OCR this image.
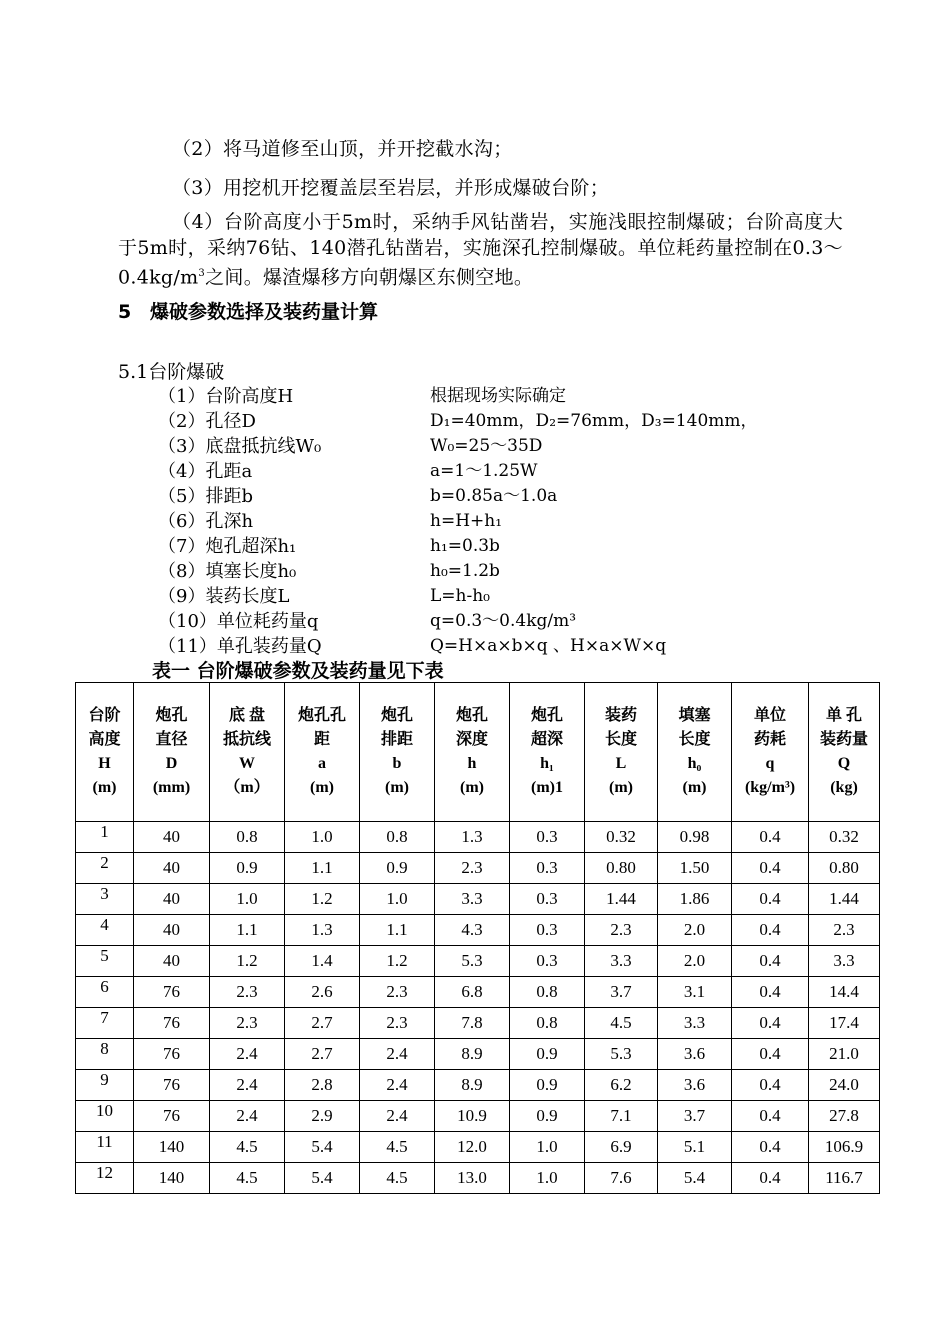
（2）将马道修至山顶，并开挖截水沟；
（3）用挖机开挖覆盖层至岩层，并形成爆破台阶；
（4）台阶高度小于5m时，采纳手风钻凿岩，实施浅眼控制爆破；台阶高度大于5m时，采纳76钻、140潜孔钻凿岩，实施深孔控制爆破。单位耗药量控制在$0.3\sim 0.4kg/m^3$之间。爆渣爆移方向朝爆区东侧空地。
5 爆破参数选择及装药量计算
5.1台阶爆破
（1）台阶高度H	根据现场实际确定
（2）孔径D	D₁=40mm，D₂=76mm，D₃=140mm，
（3）底盘抵抗线W₀	W₀=25～35D
（4）孔距a	a=1～1.25W
（5）排距b	b=0.85a～1.0a
（6）孔深h	h=H+h₁
（7）炮孔超深h₁	h₁=0.3b
（8）填塞长度h₀	h₀=1.2b
（9）装药长度L	L=h-h₀
（10）单位耗药量q	q=0.3～0.4kg/m³
（11）单孔装药量Q	Q=H×a×b×q 、H×a×W×q
表一 台阶爆破参数及装药量见下表
台阶
高度
H
(m)	炮孔
直径
D
(mm)	底 盘
抵抗线
W
（m）	炮孔孔
距
a
(m)	炮孔
排距
b
(m)	炮孔
深度
h
(m)	炮孔
超深
h₁
(m)1	装药
长度
L
(m)	填塞
长度
h₀
(m)	单位
药耗
q
(kg/m³)	单 孔
装药量
Q
(kg)

1	40	0.8	1.0	0.8	1.3	0.3	0.32	0.98	0.4	0.32
2	40	0.9	1.1	0.9	2.3	0.3	0.80	1.50	0.4	0.80
3	40	1.0	1.2	1.0	3.3	0.3	1.44	1.86	0.4	1.44
4	40	1.1	1.3	1.1	4.3	0.3	2.3	2.0	0.4	2.3
5	40	1.2	1.4	1.2	5.3	0.3	3.3	2.0	0.4	3.3
6	76	2.3	2.6	2.3	6.8	0.8	3.7	3.1	0.4	14.4
7	76	2.3	2.7	2.3	7.8	0.8	4.5	3.3	0.4	17.4
8	76	2.4	2.7	2.4	8.9	0.9	5.3	3.6	0.4	21.0
9	76	2.4	2.8	2.4	8.9	0.9	6.2	3.6	0.4	24.0
10	76	2.4	2.9	2.4	10.9	0.9	7.1	3.7	0.4	27.8
11	140	4.5	5.4	4.5	12.0	1.0	6.9	5.1	0.4	106.9
12	140	4.5	5.4	4.5	13.0	1.0	7.6	5.4	0.4	116.7
